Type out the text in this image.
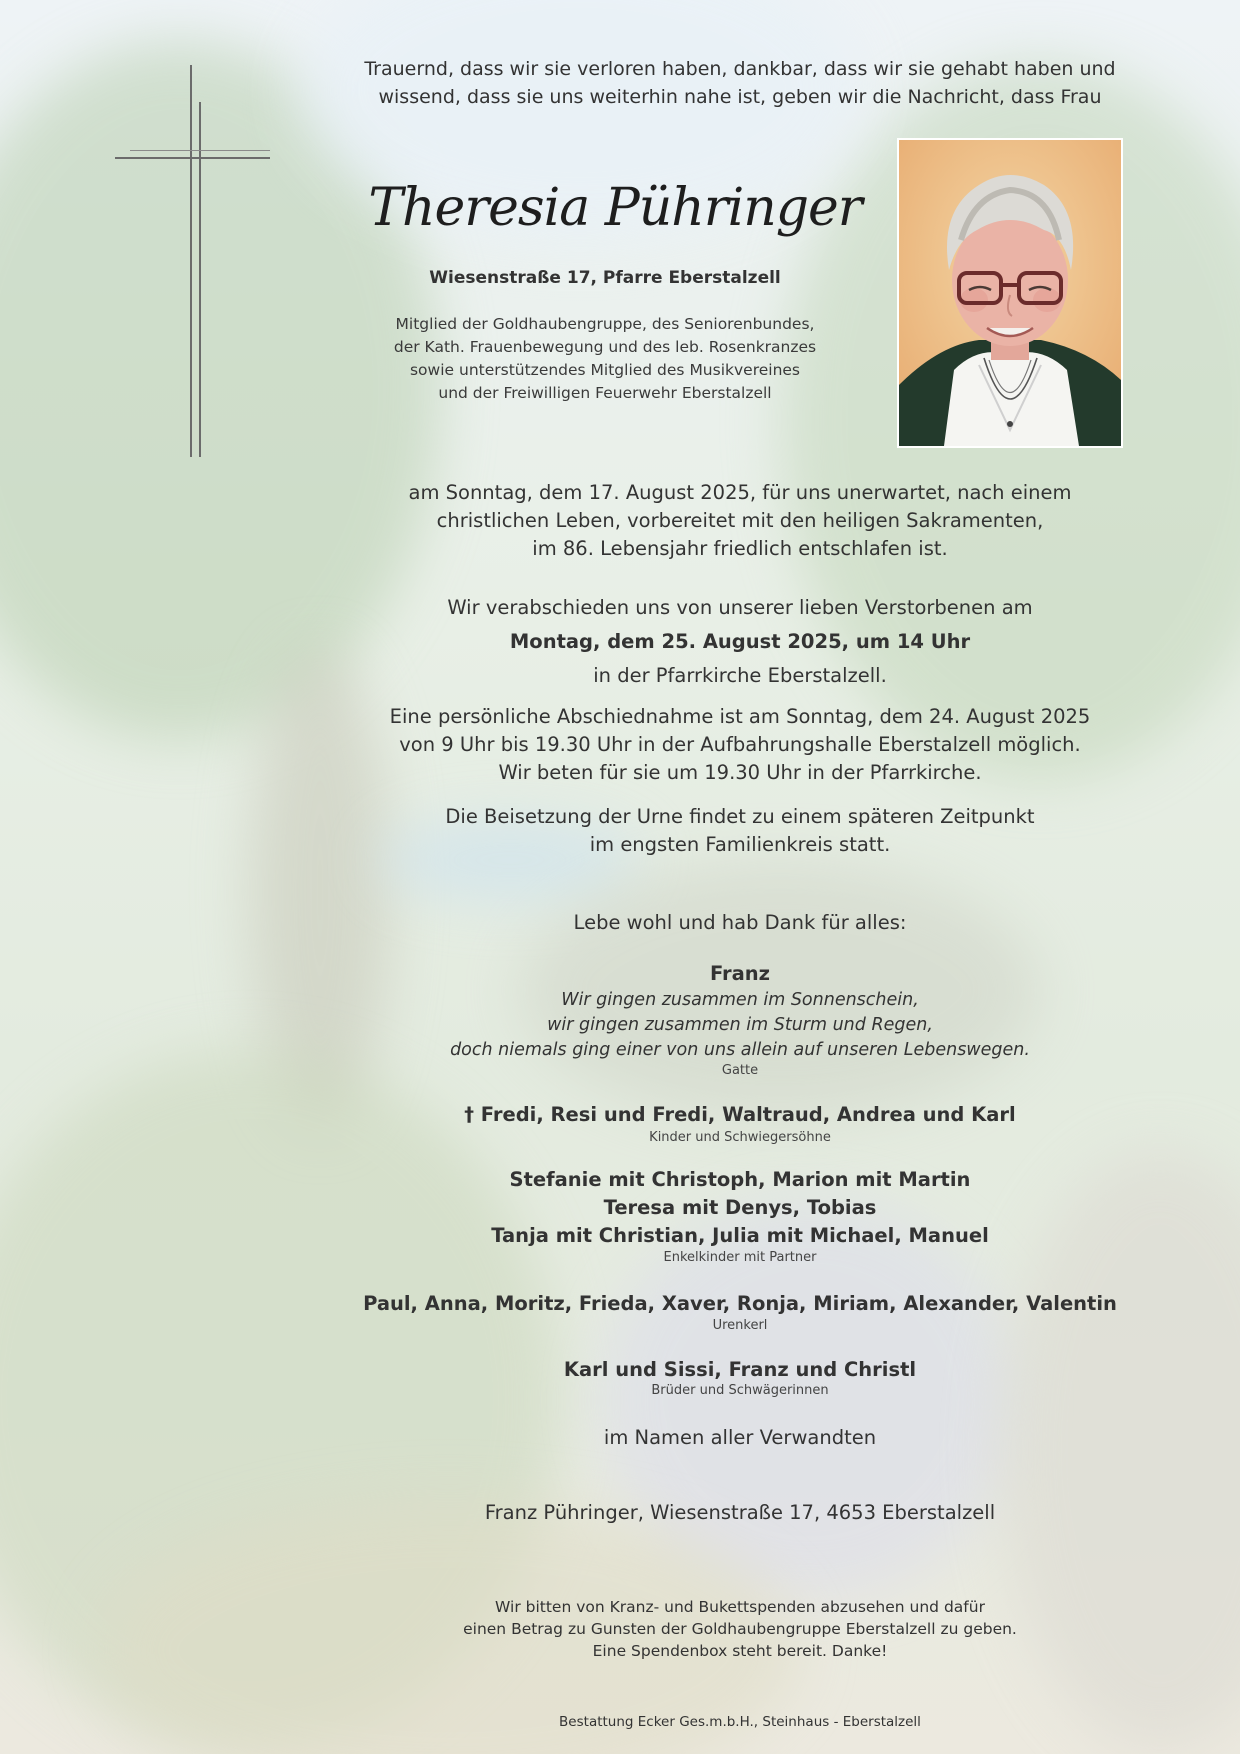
Trauernd, dass wir sie verloren haben, dankbar, dass wir sie gehabt haben und
wissend, dass sie uns weiterhin nahe ist, geben wir die Nachricht, dass Frau
Theresia Pühringer
Wiesenstraße 17, Pfarre Eberstalzell
Mitglied der Goldhaubengruppe, des Seniorenbundes,
der Kath. Frauenbewegung und des leb. Rosenkranzes
sowie unterstützendes Mitglied des Musikvereines
und der Freiwilligen Feuerwehr Eberstalzell
am Sonntag, dem 17. August 2025, für uns unerwartet, nach einem
christlichen Leben, vorbereitet mit den heiligen Sakramenten,
im 86. Lebensjahr friedlich entschlafen ist.
Wir verabschieden uns von unserer lieben Verstorbenen am
Montag, dem 25. August 2025, um 14 Uhr
in der Pfarrkirche Eberstalzell.
Eine persönliche Abschiednahme ist am Sonntag, dem 24. August 2025
von 9 Uhr bis 19.30 Uhr in der Aufbahrungshalle Eberstalzell möglich.
Wir beten für sie um 19.30 Uhr in der Pfarrkirche.
Die Beisetzung der Urne findet zu einem späteren Zeitpunkt
im engsten Familienkreis statt.
Lebe wohl und hab Dank für alles:
Franz
Wir gingen zusammen im Sonnenschein,
wir gingen zusammen im Sturm und Regen,
doch niemals ging einer von uns allein auf unseren Lebenswegen.
Gatte
† Fredi, Resi und Fredi, Waltraud, Andrea und Karl
Kinder und Schwiegersöhne
Stefanie mit Christoph, Marion mit Martin
Teresa mit Denys, Tobias
Tanja mit Christian, Julia mit Michael, Manuel
Enkelkinder mit Partner
Paul, Anna, Moritz, Frieda, Xaver, Ronja, Miriam, Alexander, Valentin
Urenkerl
Karl und Sissi, Franz und Christl
Brüder und Schwägerinnen
im Namen aller Verwandten
Franz Pühringer, Wiesenstraße 17, 4653 Eberstalzell
Wir bitten von Kranz- und Bukettspenden abzusehen und dafür
einen Betrag zu Gunsten der Goldhaubengruppe Eberstalzell zu geben.
Eine Spendenbox steht bereit. Danke!
Bestattung Ecker Ges.m.b.H., Steinhaus - Eberstalzell
